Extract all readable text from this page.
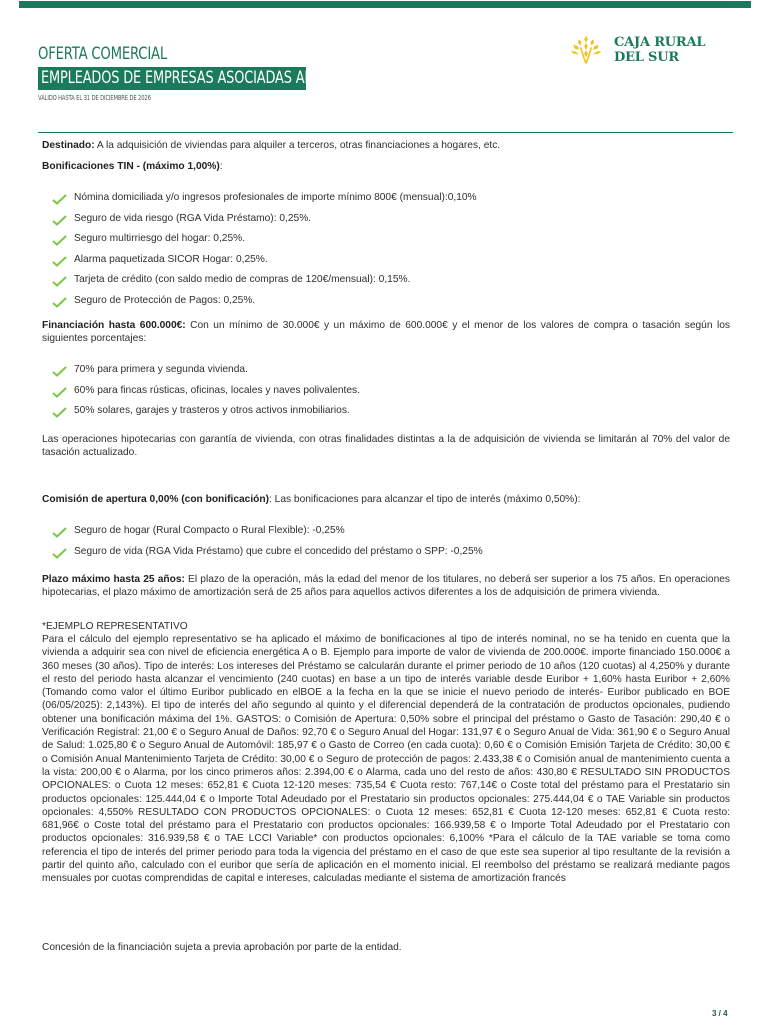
OFERTA COMERCIAL
EMPLEADOS DE EMPRESAS ASOCIADAS AIQBE HUELVA
VÁLIDO HASTA EL 31 DE DICIEMBRE DE 2026
CAJA RURAL
DEL SUR

Destinado: A la adquisición de viviendas para alquiler a terceros, otras financiaciones a hogares, etc.

Bonificaciones TIN - (máximo 1,00%):

Nómina domiciliada y/o ingresos profesionales de importe mínimo 800€ (mensual):0,10%
Seguro de vida riesgo (RGA Vida Préstamo): 0,25%.
Seguro multirriesgo del hogar: 0,25%.
Alarma paquetizada SICOR Hogar: 0,25%.
Tarjeta de crédito (con saldo medio de compras de 120€/mensual): 0,15%.
Seguro de Protección de Pagos: 0,25%.

Financiación hasta 600.000€: Con un mínimo de 30.000€ y un máximo de 600.000€ y el menor de los valores de compra o tasación según los siguientes porcentajes:

70% para primera y segunda vivienda.
60% para fincas rústicas, oficinas, locales y naves polivalentes.
50% solares, garajes y trasteros y otros activos inmobiliarios.

Las operaciones hipotecarias con garantía de vivienda, con otras finalidades distintas a la de adquisición de vivienda se limitarán al 70% del valor de tasación actualizado.

Comisión de apertura 0,00% (con bonificación): Las bonificaciones para alcanzar el tipo de interés (máximo 0,50%):

Seguro de hogar (Rural Compacto o Rural Flexible): -0,25%
Seguro de vida (RGA Vida Préstamo) que cubre el concedido del préstamo o SPP: -0,25%

Plazo máximo hasta 25 años: El plazo de la operación, más la edad del menor de los titulares, no deberá ser superior a los 75 años. En operaciones hipotecarias, el plazo máximo de amortización será de 25 años para aquellos activos diferentes a los de adquisición de primera vivienda.

*EJEMPLO REPRESENTATIVO

Para el cálculo del ejemplo representativo se ha aplicado el máximo de bonificaciones al tipo de interés nominal, no se ha tenido en cuenta que la vivienda a adquirir sea con nivel de eficiencia energética A o B. Ejemplo para importe de valor de vivienda de 200.000€. importe financiado 150.000€ a 360 meses (30 años). Tipo de interés: Los intereses del Préstamo se calcularán durante el primer periodo de 10 años (120 cuotas) al 4,250% y durante el resto del periodo hasta alcanzar el vencimiento (240 cuotas) en base a un tipo de interés variable desde Euribor + 1,60% hasta Euribor + 2,60% (Tomando como valor el último Euribor publicado en elBOE a la fecha en la que se inicie el nuevo periodo de interés- Euribor publicado en BOE (06/05/2025): 2,143%). El tipo de interés del año segundo al quinto y el diferencial dependerá de la contratación de productos opcionales, pudiendo obtener una bonificación máxima del 1%. GASTOS: o Comisión de Apertura: 0,50% sobre el principal del préstamo o Gasto de Tasación: 290,40 € o Verificación Registral: 21,00 € o Seguro Anual de Daños: 92,70 € o Seguro Anual del Hogar: 131,97 € o Seguro Anual de Vida: 361,90 € o Seguro Anual de Salud: 1.025,80 € o Seguro Anual de Automóvil: 185,97 € o Gasto de Correo (en cada cuota): 0,60 € o Comisión Emisión Tarjeta de Crédito: 30,00 € o Comisión Anual Mantenimiento Tarjeta de Crédito: 30,00 € o Seguro de protección de pagos: 2.433,38 € o Comisión anual de mantenimiento cuenta a la vista: 200,00 € o Alarma, por los cinco primeros años: 2.394,00 € o Alarma, cada uno del resto de años: 430,80 € RESULTADO SIN PRODUCTOS OPCIONALES: o Cuota 12 meses: 652,81 € Cuota 12-120 meses: 735,54 € Cuota resto: 767,14€ o Coste total del préstamo para el Prestatario sin productos opcionales: 125.444,04 € o Importe Total Adeudado por el Prestatario sin productos opcionales: 275.444,04 € o TAE Variable sin productos opcionales: 4,550% RESULTADO CON PRODUCTOS OPCIONALES: o Cuota 12 meses: 652,81 € Cuota 12-120 meses: 652,81 € Cuota resto: 681,96€ o Coste total del préstamo para el Prestatario con productos opcionales: 166.939,58 € o Importe Total Adeudado por el Prestatario con productos opcionales: 316.939,58 € o TAE LCCI Variable* con productos opcionales: 6,100% *Para el cálculo de la TAE variable se toma como referencia el tipo de interés del primer periodo para toda la vigencia del préstamo en el caso de que este sea superior al tipo resultante de la revisión a partir del quinto año, calculado con el euribor que sería de aplicación en el momento inicial. El reembolso del préstamo se realizará mediante pagos mensuales por cuotas comprendidas de capital e intereses, calculadas mediante el sistema de amortización francés

Concesión de la financiación sujeta a previa aprobación por parte de la entidad.

3 / 4
